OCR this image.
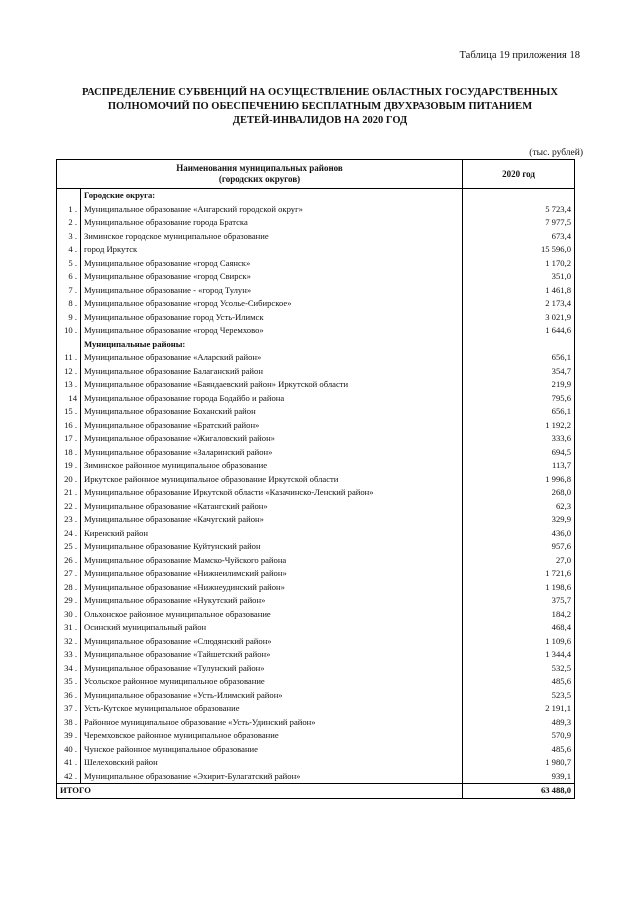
Таблица 19 приложения 18
РАСПРЕДЕЛЕНИЕ СУБВЕНЦИЙ НА ОСУЩЕСТВЛЕНИЕ ОБЛАСТНЫХ ГОСУДАРСТВЕННЫХ
ПОЛНОМОЧИЙ ПО ОБЕСПЕЧЕНИЮ БЕСПЛАТНЫМ ДВУХРАЗОВЫМ ПИТАНИЕМ
ДЕТЕЙ-ИНВАЛИДОВ НА 2020 ГОД
(тыс. рублей)
Наименования муниципальных районов
(городских округов)		2020 год
	Городские округа:	
1 .	Муниципальное образование «Ангарский городской округ»	5 723,4
2 .	Муниципальное образование города Братска	7 977,5
3 .	Зиминское городское муниципальное образование	673,4
4 .	город Иркутск	15 596,0
5 .	Муниципальное образование «город Саянск»	1 170,2
6 .	Муниципальное образование «город Свирск»	351,0
7 .	Муниципальное образование - «город Тулун»	1 461,8
8 .	Муниципальное образование «город Усолье-Сибирское»	2 173,4
9 .	Муниципальное образование город Усть-Илимск	3 021,9
10 .	Муниципальное образование «город Черемхово»	1 644,6
	Муниципальные районы:	
11 .	Муниципальное образование «Аларский район»	656,1
12 .	Муниципальное образование Балаганский район	354,7
13 .	Муниципальное образование «Баяндаевский район» Иркутской области	219,9
14	Муниципальное образование города Бодайбо и района	795,6
15 .	Муниципальное образование Боханский район	656,1
16 .	Муниципальное образование «Братский район»	1 192,2
17 .	Муниципальное образование «Жигаловский район»	333,6
18 .	Муниципальное образование «Заларинский район»	694,5
19 .	Зиминское районное муниципальное образование	113,7
20 .	Иркутское районное муниципальное образование Иркутской области	1 996,8
21 .	Муниципальное образование Иркутской области «Казачинско-Ленский район»	268,0
22 .	Муниципальное образование «Катангский район»	62,3
23 .	Муниципальное образование «Качугский район»	329,9
24 .	Киренский район	436,0
25 .	Муниципальное образование Куйтунский район	957,6
26 .	Муниципальное образование Мамско-Чуйского района	27,0
27 .	Муниципальное образование «Нижнеилимский район»	1 721,6
28 .	Муниципальное образование «Нижнеудинский район»	1 198,6
29 .	Муниципальное образование «Нукутский район»	375,7
30 .	Ольхонское районное муниципальное образование	184,2
31 .	Осинский муниципальный район	468,4
32 .	Муниципальное образование «Слюдянский район»	1 109,6
33 .	Муниципальное образование «Тайшетский район»	1 344,4
34 .	Муниципальное образование «Тулунский район»	532,5
35 .	Усольское районное муниципальное образование	485,6
36 .	Муниципальное образование «Усть-Илимский район»	523,5
37 .	Усть-Кутское муниципальное образование	2 191,1
38 .	Районное муниципальное образование «Усть-Удинский район»	489,3
39 .	Черемховское районное муниципальное образование	570,9
40 .	Чунское районное муниципальное образование	485,6
41 .	Шелеховский район	1 980,7
42 .	Муниципальное образование «Эхирит-Булагатский район»	939,1
ИТОГО		63 488,0
